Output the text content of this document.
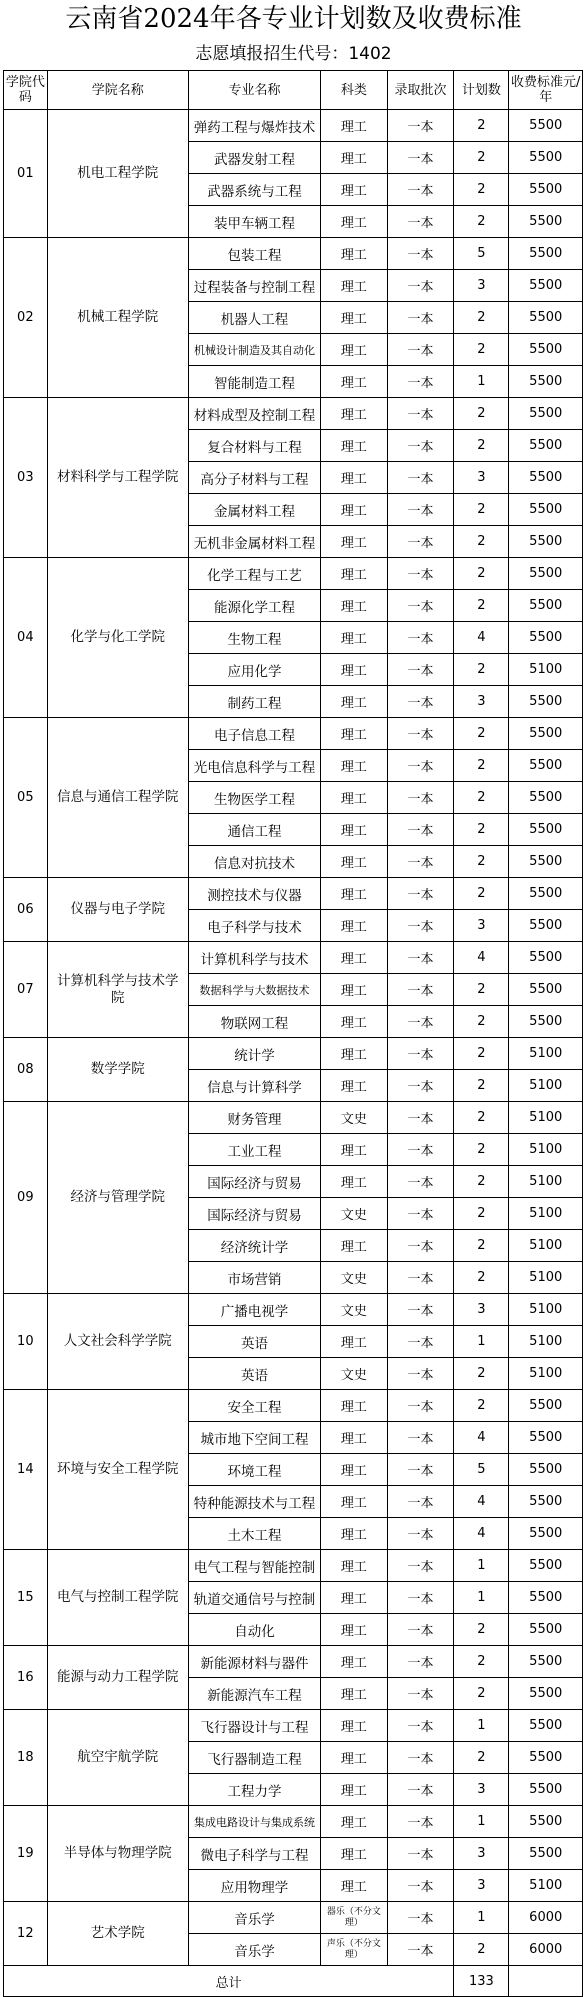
云南省2024年各专业计划数及收费标准
志愿填报招生代号：1402
学院代码	学院名称	专业名称	科类	录取批次	计划数	收费标准元/年
01	机电工程学院	弹药工程与爆炸技术	理工	一本	2	5500
		武器发射工程	理工	一本	2	5500
		武器系统与工程	理工	一本	2	5500
		装甲车辆工程	理工	一本	2	5500
02	机械工程学院	包装工程	理工	一本	5	5500
		过程装备与控制工程	理工	一本	3	5500
		机器人工程	理工	一本	2	5500
		机械设计制造及其自动化	理工	一本	2	5500
		智能制造工程	理工	一本	1	5500
03	材料科学与工程学院	材料成型及控制工程	理工	一本	2	5500
		复合材料与工程	理工	一本	2	5500
		高分子材料与工程	理工	一本	3	5500
		金属材料工程	理工	一本	2	5500
		无机非金属材料工程	理工	一本	2	5500
04	化学与化工学院	化学工程与工艺	理工	一本	2	5500
		能源化学工程	理工	一本	2	5500
		生物工程	理工	一本	4	5500
		应用化学	理工	一本	2	5100
		制药工程	理工	一本	3	5500
05	信息与通信工程学院	电子信息工程	理工	一本	2	5500
		光电信息科学与工程	理工	一本	2	5500
		生物医学工程	理工	一本	2	5500
		通信工程	理工	一本	2	5500
		信息对抗技术	理工	一本	2	5500
06	仪器与电子学院	测控技术与仪器	理工	一本	2	5500
		电子科学与技术	理工	一本	3	5500
07	计算机科学与技术学院	计算机科学与技术	理工	一本	4	5500
		数据科学与大数据技术	理工	一本	2	5500
		物联网工程	理工	一本	2	5500
08	数学学院	统计学	理工	一本	2	5100
		信息与计算科学	理工	一本	2	5100
09	经济与管理学院	财务管理	文史	一本	2	5100
		工业工程	理工	一本	2	5100
		国际经济与贸易	理工	一本	2	5100
		国际经济与贸易	文史	一本	2	5100
		经济统计学	理工	一本	2	5100
		市场营销	文史	一本	2	5100
10	人文社会科学学院	广播电视学	文史	一本	3	5100
		英语	理工	一本	1	5100
		英语	文史	一本	2	5100
14	环境与安全工程学院	安全工程	理工	一本	2	5500
		城市地下空间工程	理工	一本	4	5500
		环境工程	理工	一本	5	5500
		特种能源技术与工程	理工	一本	4	5500
		土木工程	理工	一本	4	5500
15	电气与控制工程学院	电气工程与智能控制	理工	一本	1	5500
		轨道交通信号与控制	理工	一本	1	5500
		自动化	理工	一本	2	5500
16	能源与动力工程学院	新能源材料与器件	理工	一本	2	5500
		新能源汽车工程	理工	一本	2	5500
18	航空宇航学院	飞行器设计与工程	理工	一本	1	5500
		飞行器制造工程	理工	一本	2	5500
		工程力学	理工	一本	3	5500
19	半导体与物理学院	集成电路设计与集成系统	理工	一本	1	5500
		微电子科学与工程	理工	一本	3	5500
		应用物理学	理工	一本	3	5100
12	艺术学院	音乐学	器乐（不分文理）	一本	1	6000
		音乐学	声乐（不分文理）	一本	2	6000
总计					133	
